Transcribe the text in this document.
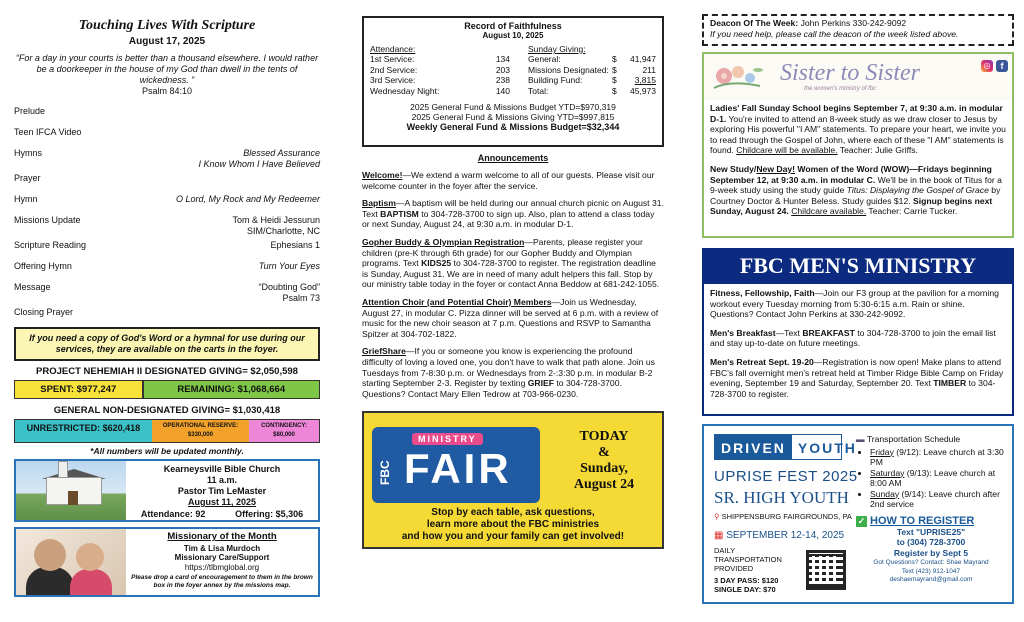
Touching Lives With Scripture
August 17, 2025
“For a day in your courts is better than a thousand elsewhere. I would rather be a doorkeeper in the house of my God than dwell in the tents of wickedness. ”
Psalm 84:10
Prelude
Teen IFCA Video
Hymns	Blessed Assurance
I Know Whom I Have Believed
Prayer
Hymn	O Lord, My Rock and My Redeemer
Missions Update	Tom & Heidi Jessurun
SIM/Charlotte, NC
Scripture Reading	Ephesians 1
Offering Hymn	Turn Your Eyes
Message	“Doubting God”
Psalm 73
Closing Prayer
If you need a copy of God's Word or a hymnal for use during our services, they are available on the carts in the foyer.
PROJECT NEHEMIAH II DESIGNATED GIVING= $2,050,598
SPENT: $977,247	REMAINING: $1,068,664
GENERAL NON-DESIGNATED GIVING= $1,030,418
UNRESTRICTED: $620,418	OPERATIONAL RESERVE:
$330,000
CONTINGENCY:
$80,000
*All numbers will be updated monthly.
Kearneysville Bible Church
11 a.m.
Pastor Tim LeMaster
August 11, 2025
Attendance: 92	Offering: $5,306
Missionary of the Month
Tim & Lisa Murdoch
Missionary Care/Support
https://tlbmglobal.org
Please drop a card of encouragement to them in the brown box in the foyer annex by the missions map.
Record of Faithfulness
August 10, 2025
Attendance:
1st Service:	134
2nd Service:	203
3rd Service:	238
Wednesday Night:	140
Sunday Giving:
General:	$	41,947
Missions Designated: $	211
Building Fund:	$	3,815
Total:	$	45,973
2025 General Fund & Missions Budget YTD=$970,319
2025 General Fund & Missions Giving YTD=$997,815
Weekly General Fund & Missions Budget=$32,344
Announcements
Welcome!—We extend a warm welcome to all of our guests. Please visit our welcome counter in the foyer after the service.
Baptism—A baptism will be held during our annual church picnic on August 31. Text BAPTISM to 304-728-3700 to sign up. Also, plan to attend a class today or next Sunday, August 24, at 9:30 a.m. in modular D-1.
Gopher Buddy & Olympian Registration—Parents, please register your children (pre-K through 6th grade) for our Gopher Buddy and Olympian programs. Text KIDS25 to 304-728-3700 to register. The registration deadline is Sunday, August 31. We are in need of many adult helpers this fall. Stop by our ministry table today in the foyer or contact Anna Beddow at 681-242-1055.
Attention Choir (and Potential Choir) Members—Join us Wednesday, August 27, in modular C. Pizza dinner will be served at 6 p.m. with a review of music for the new choir season at 7 p.m. Questions and RSVP to Samantha Spitzer at 304-702-1822.
GriefShare—If you or someone you know is experiencing the profound difficulty of loving a loved one, you don't have to walk that path alone. Join us Tuesdays from 7-8:30 p.m. or Wednesdays from 2-:3:30 p.m. in modular B-2 starting September 2-3. Register by texting GRIEF to 304-728-3700. Questions? Contact Mary Ellen Tedrow at 703-966-0230.
FBC
MINISTRY
FAIR
TODAY
&
Sunday,
August 24
Stop by each table, ask questions,
learn more about the FBC ministries
and how you and your family can get involved!
Deacon Of The Week: John Perkins 330-242-9092
If you need help, please call the deacon of the week listed above.
Sister to Sister
the women's ministry of fbc
◎	f

Ladies' Fall Sunday School begins September 7, at 9:30 a.m. in modular D-1. You're invited to attend an 8-week study as we draw closer to Jesus by exploring His powerful "I AM" statements. To prepare your heart, we invite you to read through the Gospel of John, where each of these "I AM" statements is found. Childcare will be available. Teacher: Julie Griffs.

New Study/New Day! Women of the Word (WOW)—Fridays beginning September 12, at 9:30 a.m. in modular C. We'll be in the book of Titus for a 9-week study using the study guide Titus: Displaying the Gospel of Grace by Courtney Doctor & Hunter Beless. Study guides $12. Signup begins next Sunday, August 24. Childcare available. Teacher: Carrie Tucker.

FBC MEN'S MINISTRY

Fitness, Fellowship, Faith—Join our F3 group at the pavilion for a morning workout every Tuesday morning from 5:30-6:15 a.m. Rain or shine. Questions? Contact John Perkins at 330-242-9092.

Men's Breakfast—Text BREAKFAST to 304-728-3700 to join the email list and stay up-to-date on future meetings.

Men's Retreat Sept. 19-20—Registration is now open! Make plans to attend FBC's fall overnight men's retreat held at Timber Ridge Bible Camp on Friday evening, September 19 and Saturday, September 20. Text TIMBER to 304-728-3700 to register.

DRIVEN YOUTH
UPRISE FEST 2025
SR. HIGH YOUTH
⚲ SHIPPENSBURG FAIRGROUNDS, PA
▦ SEPTEMBER 12-14, 2025
DAILY
TRANSPORTATION
PROVIDED
3 DAY PASS: $120
SINGLE DAY: $70
▬ Transportation Schedule
• Friday (9/12): Leave church at 3:30 PM
• Saturday (9/13): Leave church at 8:00 AM
• Sunday (9/14): Leave church after 2nd service
✓ HOW TO REGISTER
Text "UPRISE25"
to (304) 728-3700
Register by Sept 5
Got Questions? Contact: Shae Mayrand
Text (423) 912-1047
deshaemayrand@gmail.com
